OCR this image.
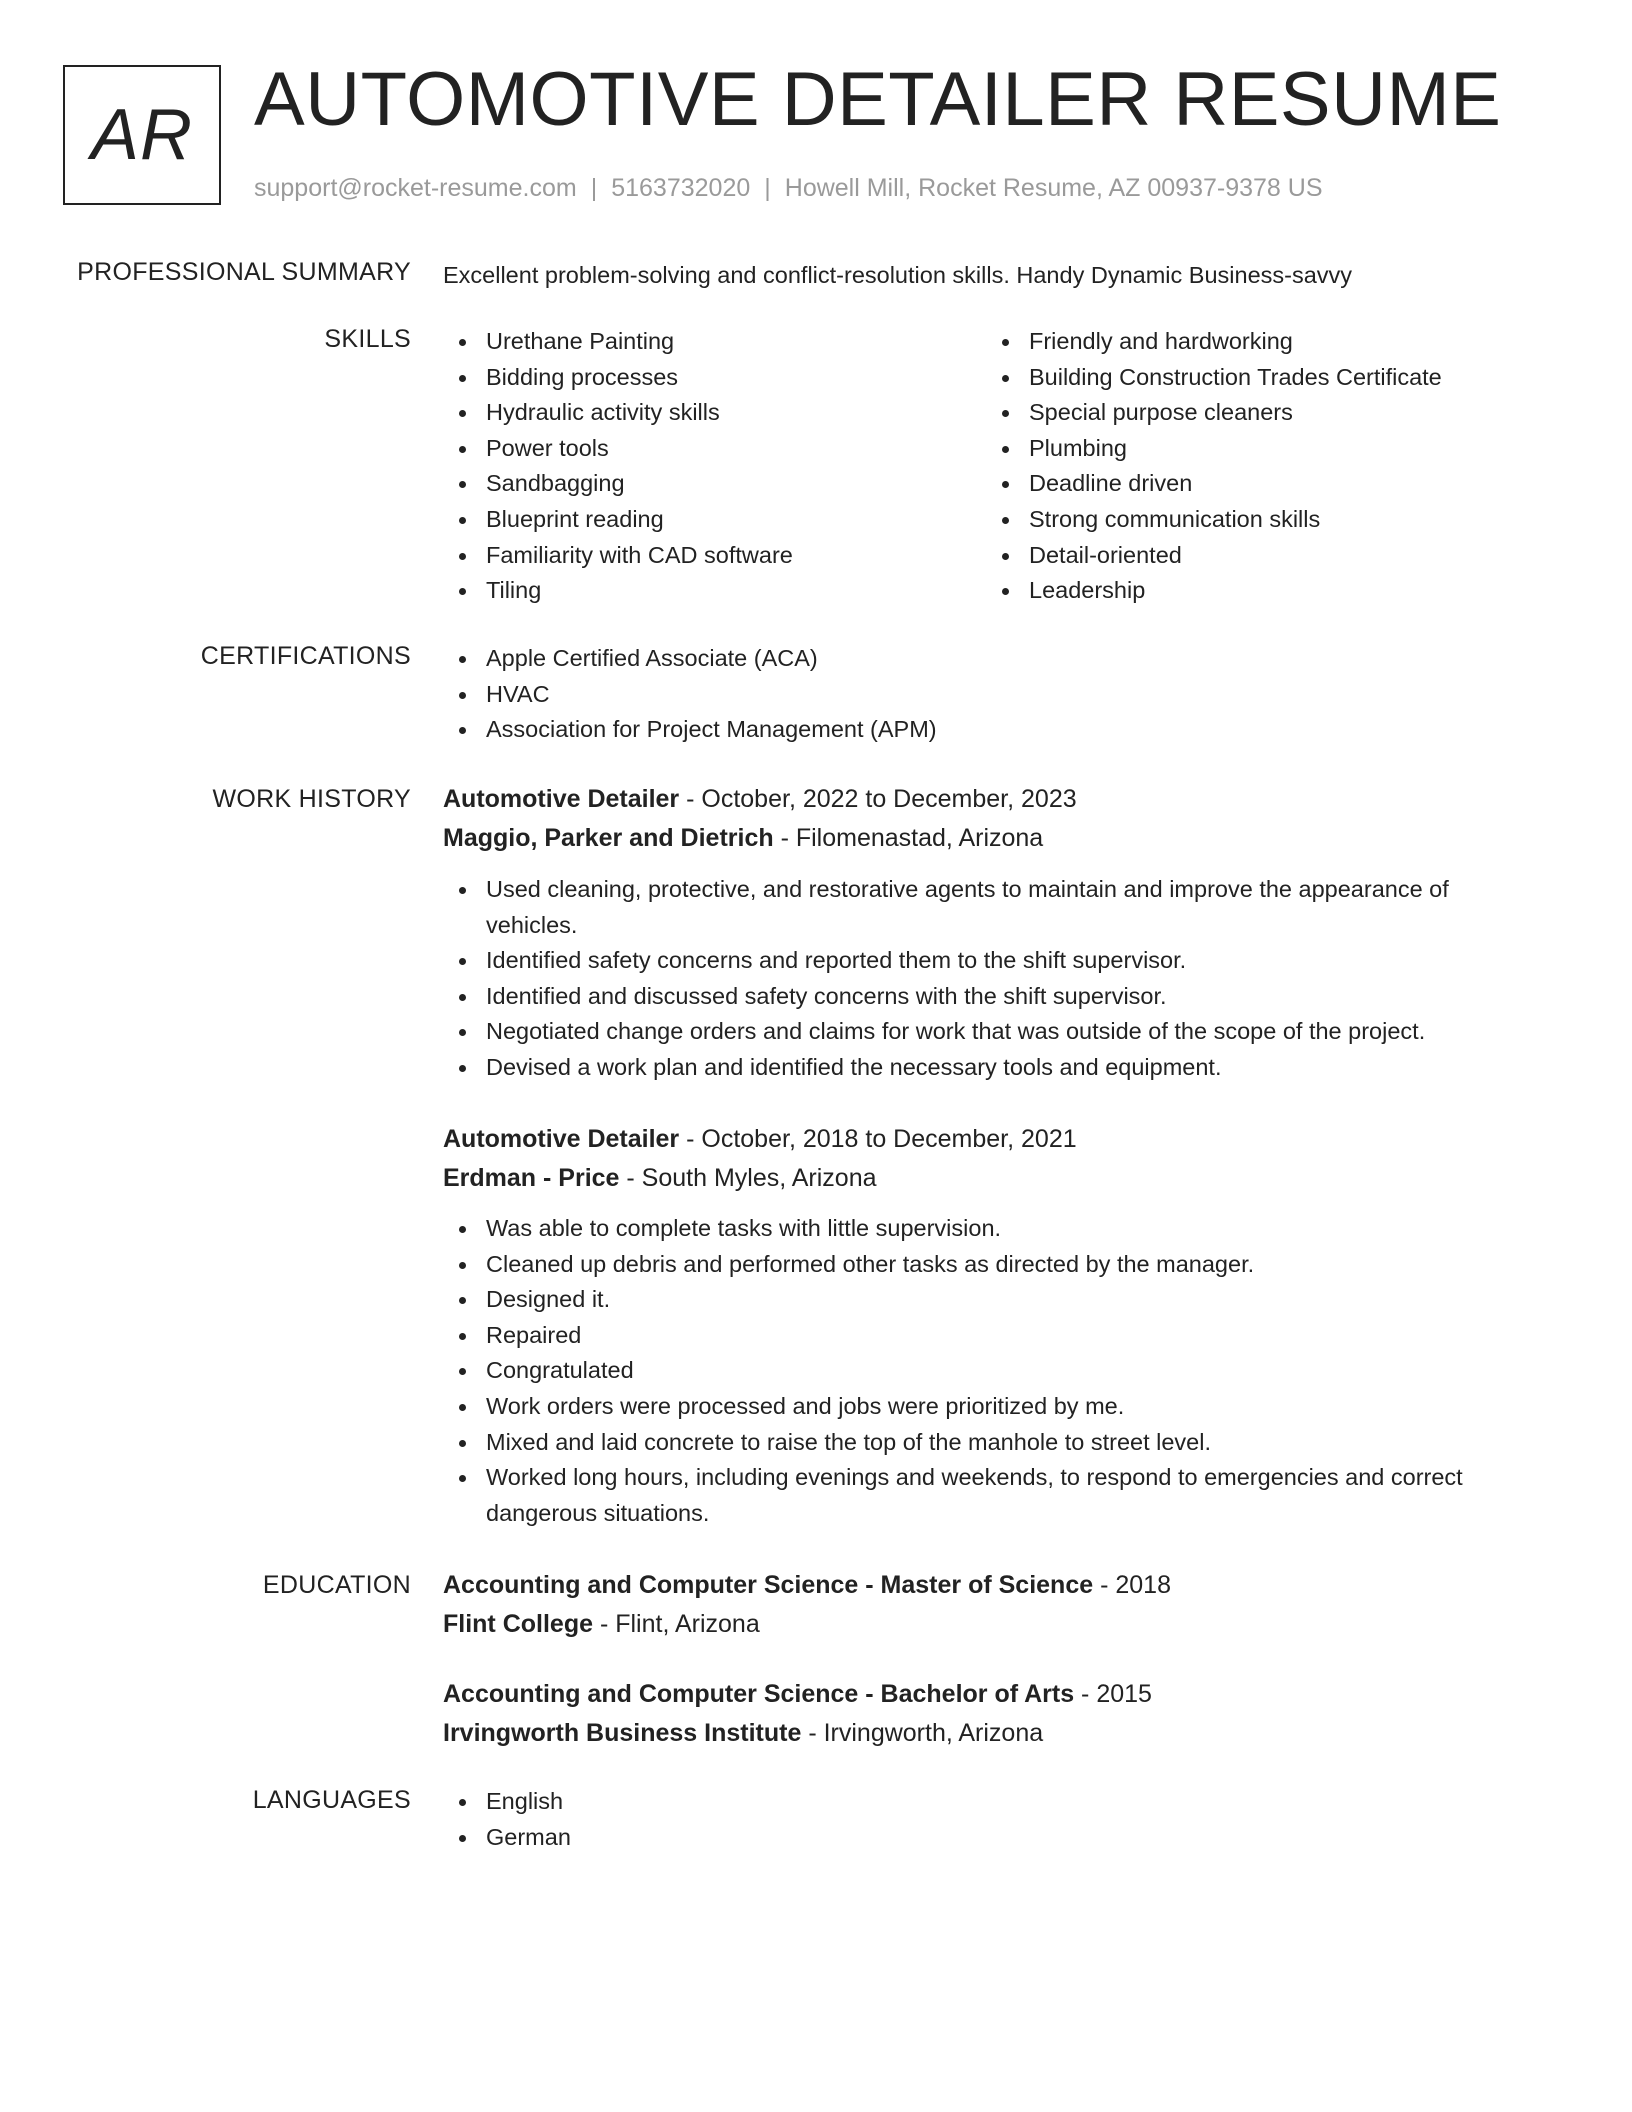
AR AUTOMOTIVE DETAILER RESUME
support@rocket-resume.com | 5163732020 | Howell Mill, Rocket Resume, AZ 00937-9378 US
PROFESSIONAL SUMMARY Excellent problem-solving and conflict-resolution skills. Handy Dynamic Business-savvy
SKILLS	Urethane Painting
Bidding processes
Hydraulic activity skills
Power tools
Sandbagging
Blueprint reading
Familiarity with CAD software
Tiling
Friendly and hardworking
Building Construction Trades Certificate
Special purpose cleaners
Plumbing
Deadline driven
Strong communication skills
Detail-oriented
Leadership
CERTIFICATIONS	Apple Certified Associate (ACA)
HVAC
Association for Project Management (APM)
WORK HISTORY Automotive Detailer - October, 2022 to December, 2023
Maggio, Parker and Dietrich - Filomenastad, Arizona
Used cleaning, protective, and restorative agents to maintain and improve the appearance of vehicles.
Identified safety concerns and reported them to the shift supervisor.
Identified and discussed safety concerns with the shift supervisor.
Negotiated change orders and claims for work that was outside of the scope of the project.
Devised a work plan and identified the necessary tools and equipment.
Automotive Detailer - October, 2018 to December, 2021
Erdman - Price - South Myles, Arizona
Was able to complete tasks with little supervision.
Cleaned up debris and performed other tasks as directed by the manager.
Designed it.
Repaired
Congratulated
Work orders were processed and jobs were prioritized by me.
Mixed and laid concrete to raise the top of the manhole to street level.
Worked long hours, including evenings and weekends, to respond to emergencies and correct dangerous situations.
EDUCATION Accounting and Computer Science - Master of Science - 2018
Flint College - Flint, Arizona
Accounting and Computer Science - Bachelor of Arts - 2015
Irvingworth Business Institute - Irvingworth, Arizona
LANGUAGES	English
German
